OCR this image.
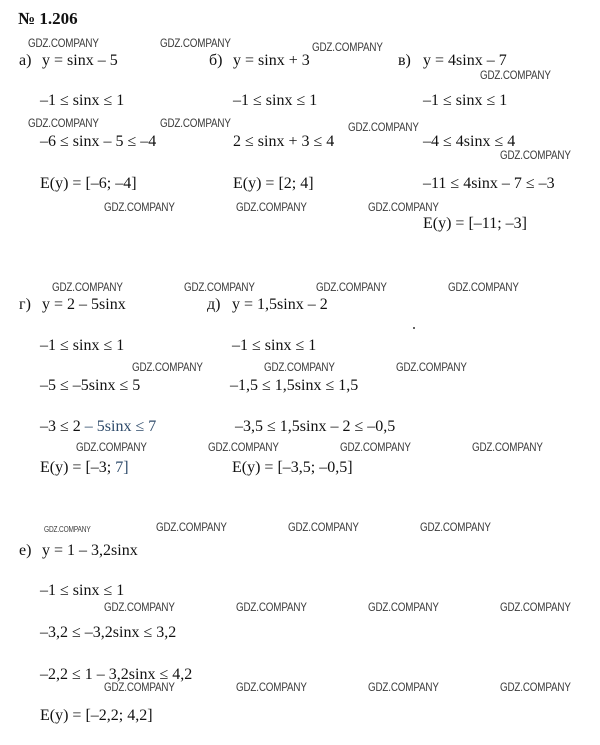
№ 1.206
а) y = sinx – 5
–1 ≤ sinx ≤ 1
–6 ≤ sinx – 5 ≤ –4
E(y) = [–6; –4]
б) y = sinx + 3
–1 ≤ sinx ≤ 1
2 ≤ sinx + 3 ≤ 4
E(y) = [2; 4]
в) y = 4sinx – 7
–1 ≤ sinx ≤ 1
–4 ≤ 4sinx ≤ 4
–11 ≤ 4sinx – 7 ≤ –3
E(y) = [–11; –3]
г) y = 2 – 5sinx
–1 ≤ sinx ≤ 1
–5 ≤ –5sinx ≤ 5
–3 ≤ 2 – 5sinx ≤ 7
E(y) = [–3; 7]
д) y = 1,5sinx – 2
–1 ≤ sinx ≤ 1
–1,5 ≤ 1,5sinx ≤ 1,5
–3,5 ≤ 1,5sinx – 2 ≤ –0,5
E(y) = [–3,5; –0,5]
е) y = 1 – 3,2sinx
–1 ≤ sinx ≤ 1
–3,2 ≤ –3,2sinx ≤ 3,2
–2,2 ≤ 1 – 3,2sinx ≤ 4,2
E(y) = [–2,2; 4,2]
GDZ.COMPANY	GDZ.COMPANY	GDZ.COMPANY
GDZ.COMPANY
GDZ.COMPANY	GDZ.COMPANY	GDZ.COMPANY
GDZ.COMPANY
GDZ.COMPANY	GDZ.COMPANY	GDZ.COMPANY
GDZ.COMPANY	GDZ.COMPANY	GDZ.COMPANY	GDZ.COMPANY
GDZ.COMPANY	GDZ.COMPANY	GDZ.COMPANY
GDZ.COMPANY	GDZ.COMPANY	GDZ.COMPANY	GDZ.COMPANY
GDZ.COMPANY	GDZ.COMPANY	GDZ.COMPANY	GDZ.COMPANY
GDZ.COMPANY	GDZ.COMPANY	GDZ.COMPANY	GDZ.COMPANY
GDZ.COMPANY	GDZ.COMPANY	GDZ.COMPANY	GDZ.COMPANY
